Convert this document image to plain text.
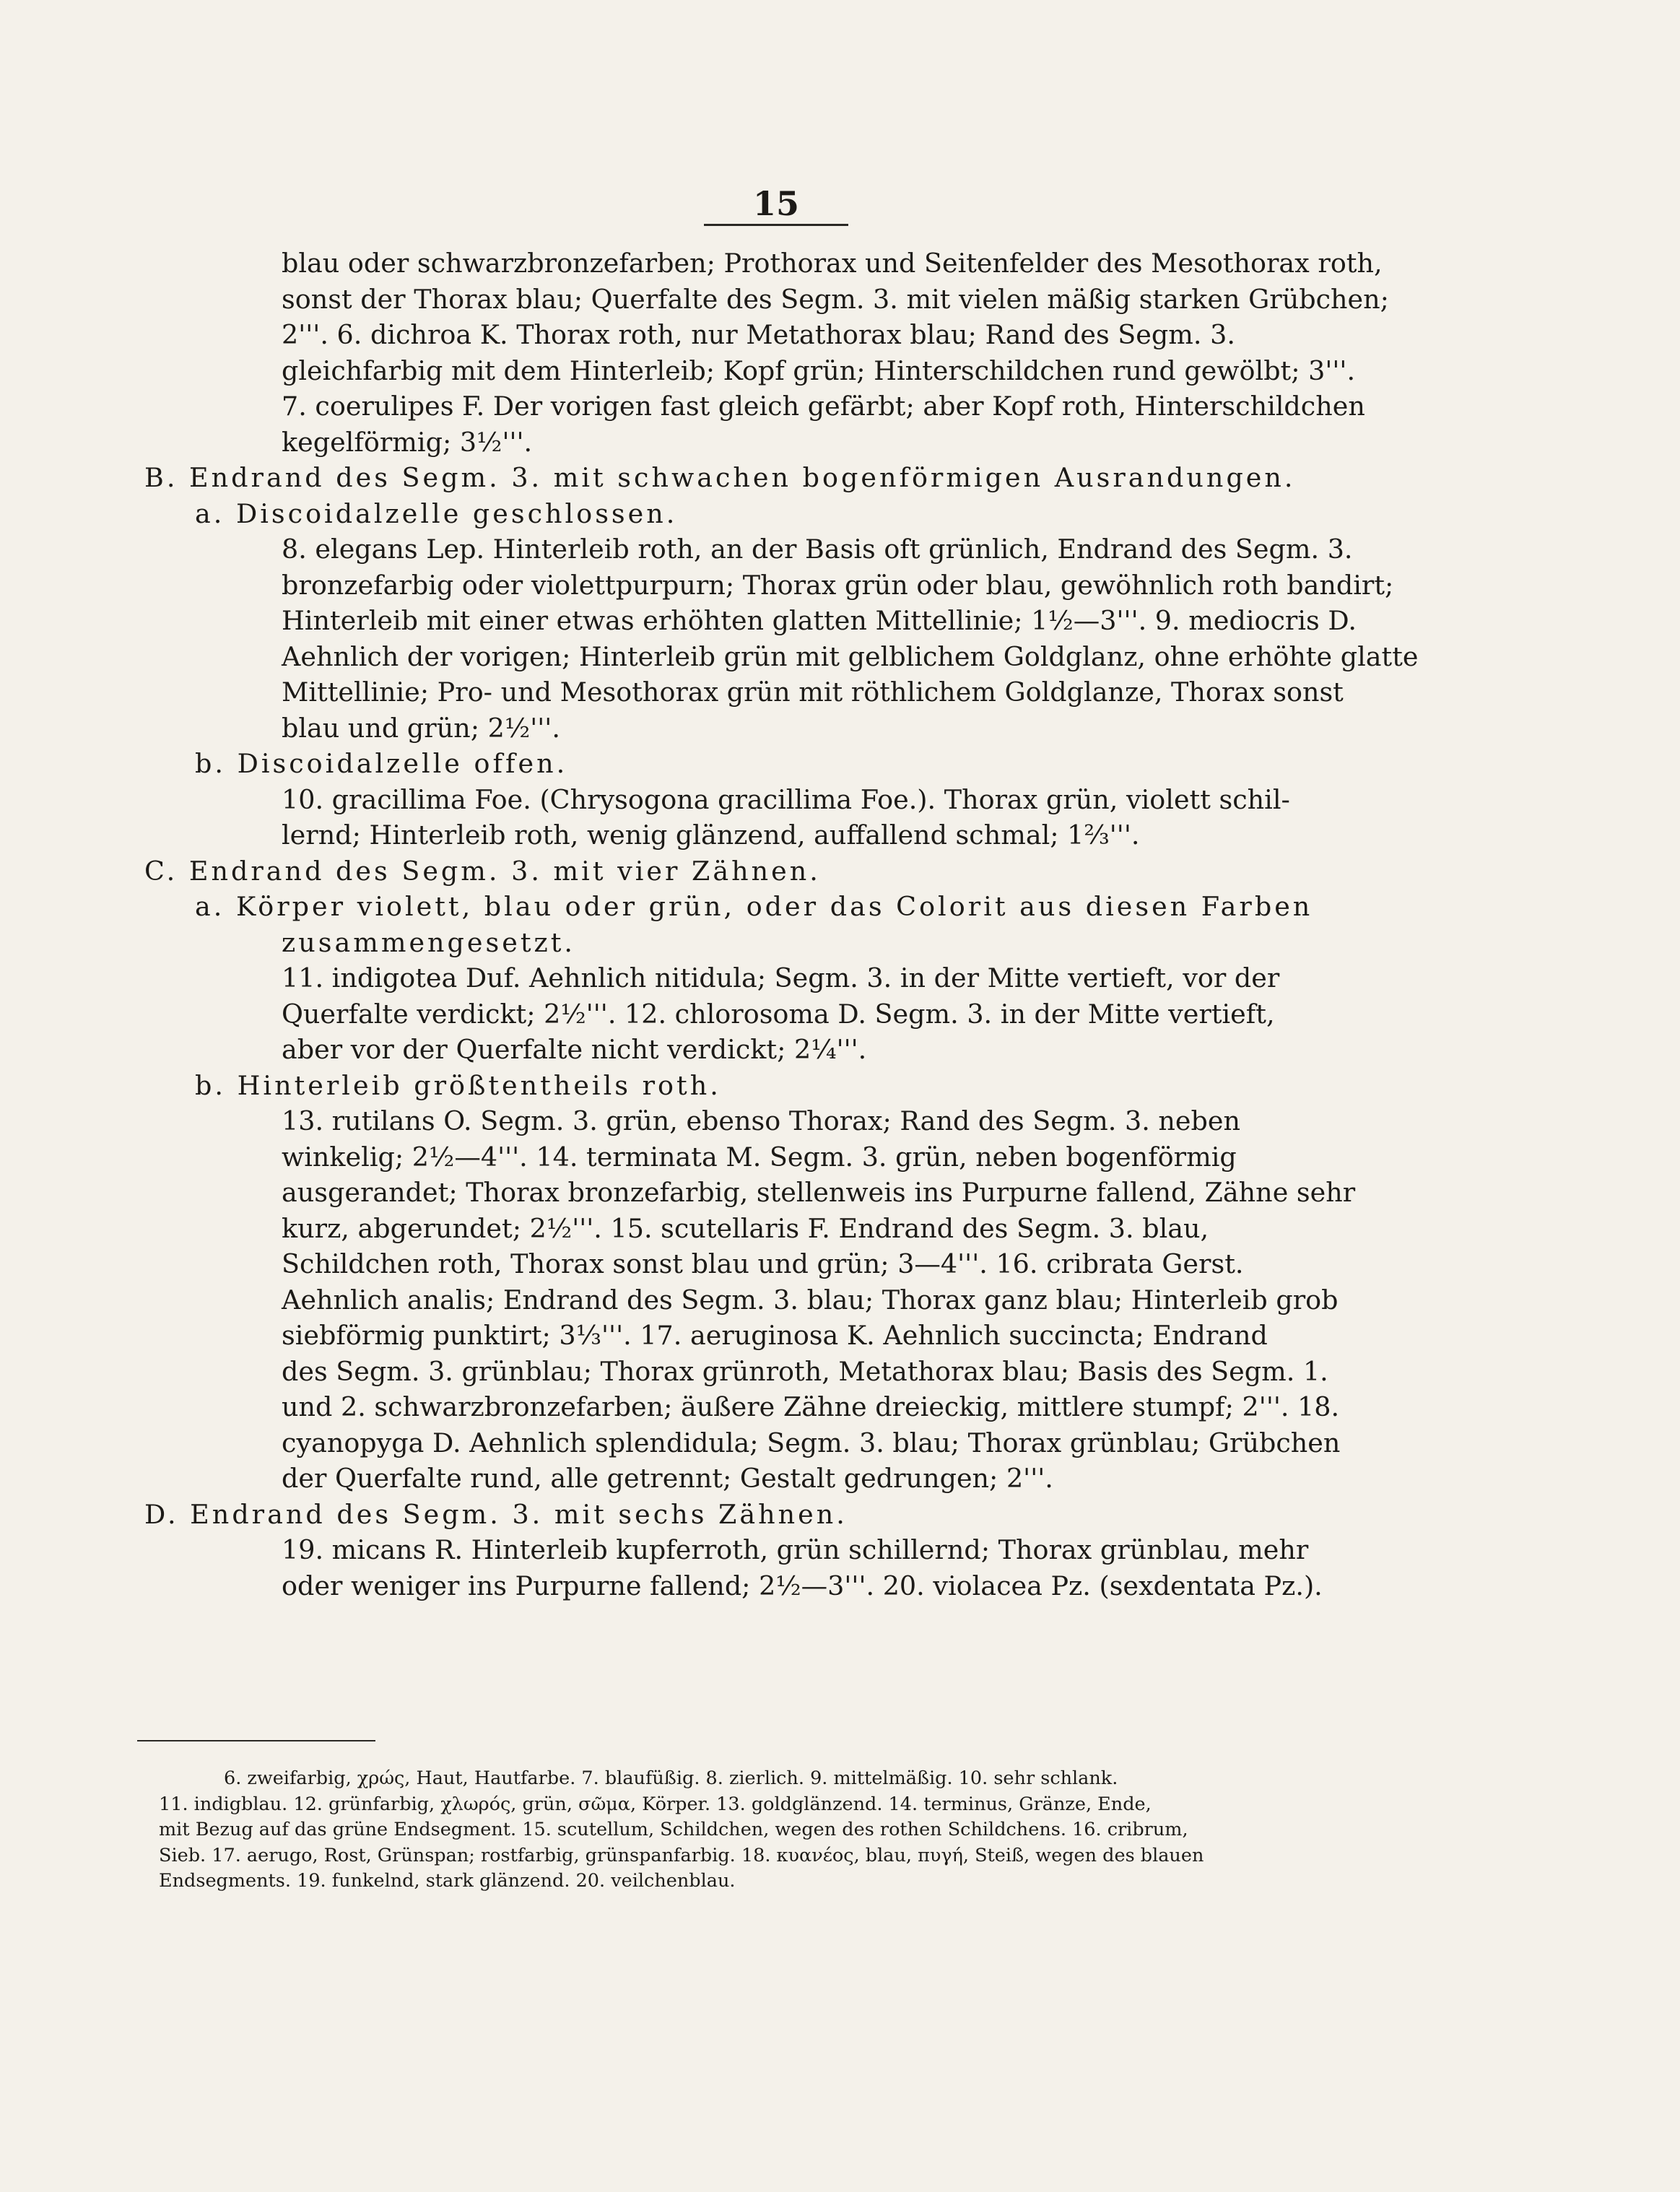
15
blau oder schwarzbronzefarben; Prothorax und Seitenfelder des Mesothorax roth,
sonst der Thorax blau; Querfalte des Segm. 3. mit vielen mäßig starken Grübchen;
2'''. 6. dichroa K. Thorax roth, nur Metathorax blau; Rand des Segm. 3.
gleichfarbig mit dem Hinterleib; Kopf grün; Hinterschildchen rund gewölbt; 3'''.
7. coerulipes F. Der vorigen fast gleich gefärbt; aber Kopf roth, Hinterschildchen
kegelförmig; 3½'''.
B. Endrand des Segm. 3. mit schwachen bogenförmigen Ausrandungen.
a. Discoidalzelle geschlossen.
8. elegans Lep. Hinterleib roth, an der Basis oft grünlich, Endrand des Segm. 3.
bronzefarbig oder violettpurpurn; Thorax grün oder blau, gewöhnlich roth bandirt;
Hinterleib mit einer etwas erhöhten glatten Mittellinie; 1½—3'''. 9. mediocris D.
Aehnlich der vorigen; Hinterleib grün mit gelblichem Goldglanz, ohne erhöhte glatte
Mittellinie; Pro- und Mesothorax grün mit röthlichem Goldglanze, Thorax sonst
blau und grün; 2½'''.
b. Discoidalzelle offen.
10. gracillima Foe. (Chrysogona gracillima Foe.). Thorax grün, violett schil-
lernd; Hinterleib roth, wenig glänzend, auffallend schmal; 1⅔'''.
C. Endrand des Segm. 3. mit vier Zähnen.
a. Körper violett, blau oder grün, oder das Colorit aus diesen Farben
zusammengesetzt.
11. indigotea Duf. Aehnlich nitidula; Segm. 3. in der Mitte vertieft, vor der
Querfalte verdickt; 2½'''. 12. chlorosoma D. Segm. 3. in der Mitte vertieft,
aber vor der Querfalte nicht verdickt; 2¼'''.
b. Hinterleib größtentheils roth.
13. rutilans O. Segm. 3. grün, ebenso Thorax; Rand des Segm. 3. neben
winkelig; 2½—4'''. 14. terminata M. Segm. 3. grün, neben bogenförmig
ausgerandet; Thorax bronzefarbig, stellenweis ins Purpurne fallend, Zähne sehr
kurz, abgerundet; 2½'''. 15. scutellaris F. Endrand des Segm. 3. blau,
Schildchen roth, Thorax sonst blau und grün; 3—4'''. 16. cribrata Gerst.
Aehnlich analis; Endrand des Segm. 3. blau; Thorax ganz blau; Hinterleib grob
siebförmig punktirt; 3⅓'''. 17. aeruginosa K. Aehnlich succincta; Endrand
des Segm. 3. grünblau; Thorax grünroth, Metathorax blau; Basis des Segm. 1.
und 2. schwarzbronzefarben; äußere Zähne dreieckig, mittlere stumpf; 2'''. 18.
cyanopyga D. Aehnlich splendidula; Segm. 3. blau; Thorax grünblau; Grübchen
der Querfalte rund, alle getrennt; Gestalt gedrungen; 2'''.
D. Endrand des Segm. 3. mit sechs Zähnen.
19. micans R. Hinterleib kupferroth, grün schillernd; Thorax grünblau, mehr
oder weniger ins Purpurne fallend; 2½—3'''. 20. violacea Pz. (sexdentata Pz.).
6. zweifarbig, χρώς, Haut, Hautfarbe. 7. blaufüßig. 8. zierlich. 9. mittelmäßig. 10. sehr schlank.
11. indigblau. 12. grünfarbig, χλωρός, grün, σῶμα, Körper. 13. goldglänzend. 14. terminus, Gränze, Ende,
mit Bezug auf das grüne Endsegment. 15. scutellum, Schildchen, wegen des rothen Schildchens. 16. cribrum,
Sieb. 17. aerugo, Rost, Grünspan; rostfarbig, grünspanfarbig. 18. κυανέος, blau, πυγή, Steiß, wegen des blauen
Endsegments. 19. funkelnd, stark glänzend. 20. veilchenblau.
